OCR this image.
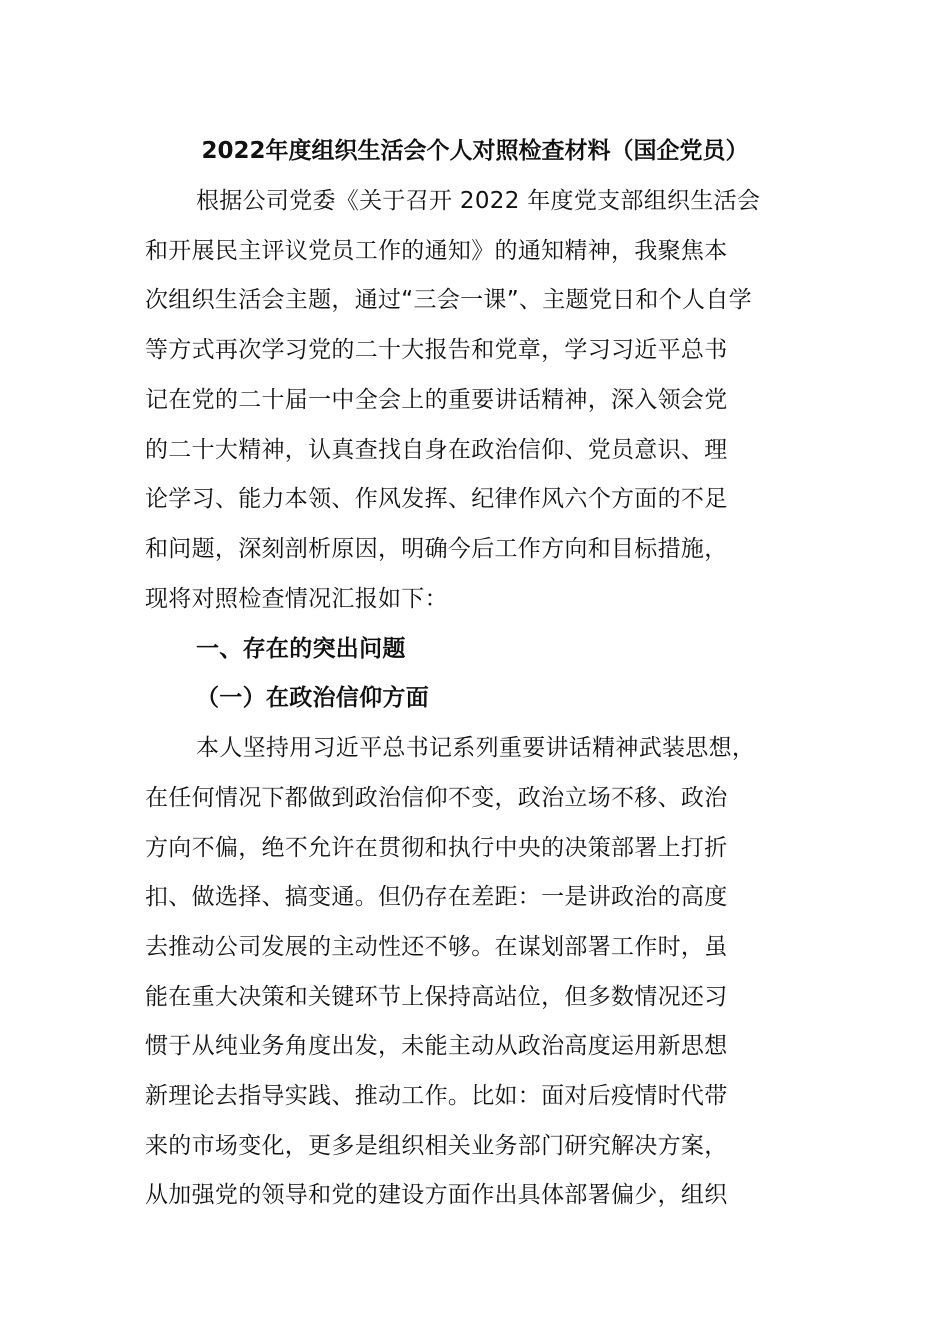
2022年度组织生活会个人对照检查材料（国企党员）
根据公司党委《关于召开 2022 年度党支部组织生活会
和开展民主评议党员工作的通知》的通知精神，我聚焦本
次组织生活会主题，通过“三会一课”、主题党日和个人自学
等方式再次学习党的二十大报告和党章，学习习近平总书
记在党的二十届一中全会上的重要讲话精神，深入领会党
的二十大精神，认真查找自身在政治信仰、党员意识、理
论学习、能力本领、作风发挥、纪律作风六个方面的不足
和问题，深刻剖析原因，明确今后工作方向和目标措施，
现将对照检查情况汇报如下：
一、存在的突出问题
（一）在政治信仰方面
本人坚持用习近平总书记系列重要讲话精神武装思想，
在任何情况下都做到政治信仰不变，政治立场不移、政治
方向不偏，绝不允许在贯彻和执行中央的决策部署上打折
扣、做选择、搞变通。但仍存在差距：一是讲政治的高度
去推动公司发展的主动性还不够。在谋划部署工作时，虽
能在重大决策和关键环节上保持高站位，但多数情况还习
惯于从纯业务角度出发，未能主动从政治高度运用新思想
新理论去指导实践、推动工作。比如：面对后疫情时代带
来的市场变化，更多是组织相关业务部门研究解决方案，
从加强党的领导和党的建设方面作出具体部署偏少，组织
